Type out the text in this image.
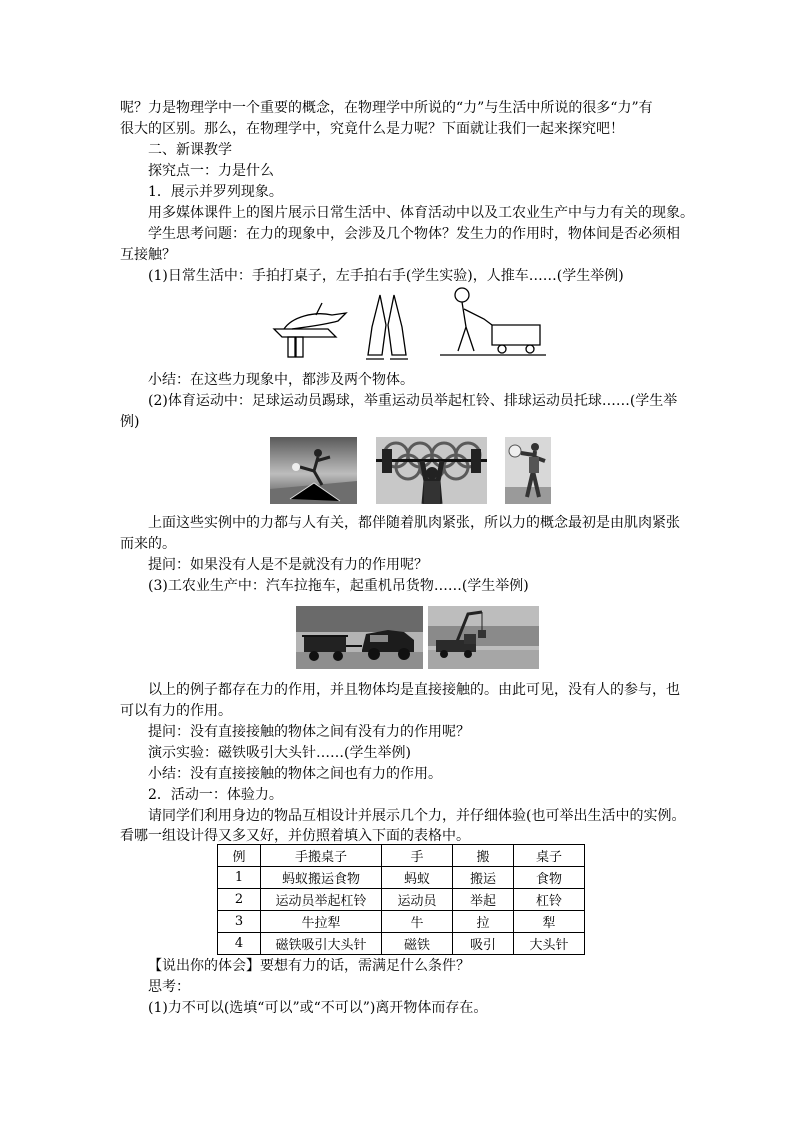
呢？力是物理学中一个重要的概念，在物理学中所说的“力”与生活中所说的很多“力”有
很大的区别。那么，在物理学中，究竟什么是力呢？下面就让我们一起来探究吧！
二、新课教学
探究点一：力是什么
1．展示并罗列现象。
用多媒体课件上的图片展示日常生活中、体育活动中以及工农业生产中与力有关的现象。
学生思考问题：在力的现象中，会涉及几个物体？发生力的作用时，物体间是否必须相
互接触？
(1)日常生活中：手拍打桌子，左手拍右手(学生实验)，人推车……(学生举例)
小结：在这些力现象中，都涉及两个物体。
(2)体育运动中：足球运动员踢球，举重运动员举起杠铃、排球运动员托球……(学生举
例)
上面这些实例中的力都与人有关，都伴随着肌肉紧张，所以力的概念最初是由肌肉紧张
而来的。
提问：如果没有人是不是就没有力的作用呢？
(3)工农业生产中：汽车拉拖车，起重机吊货物……(学生举例)
以上的例子都存在力的作用，并且物体均是直接接触的。由此可见，没有人的参与，也
可以有力的作用。
提问：没有直接接触的物体之间有没有力的作用呢？
演示实验：磁铁吸引大头针……(学生举例)
小结：没有直接接触的物体之间也有力的作用。
2．活动一：体验力。
请同学们利用身边的物品互相设计并展示几个力，并仔细体验(也可举出生活中的实例。
看哪一组设计得又多又好，并仿照着填入下面的表格中。
例	手搬桌子	手	搬	桌子
1	蚂蚁搬运食物	蚂蚁	搬运	食物
2	运动员举起杠铃	运动员	举起	杠铃
3	牛拉犁	牛	拉	犁
4	磁铁吸引大头针	磁铁	吸引	大头针
【说出你的体会】要想有力的话，需满足什么条件？
思考：
(1)力不可以(选填“可以”或“不可以”)离开物体而存在。
